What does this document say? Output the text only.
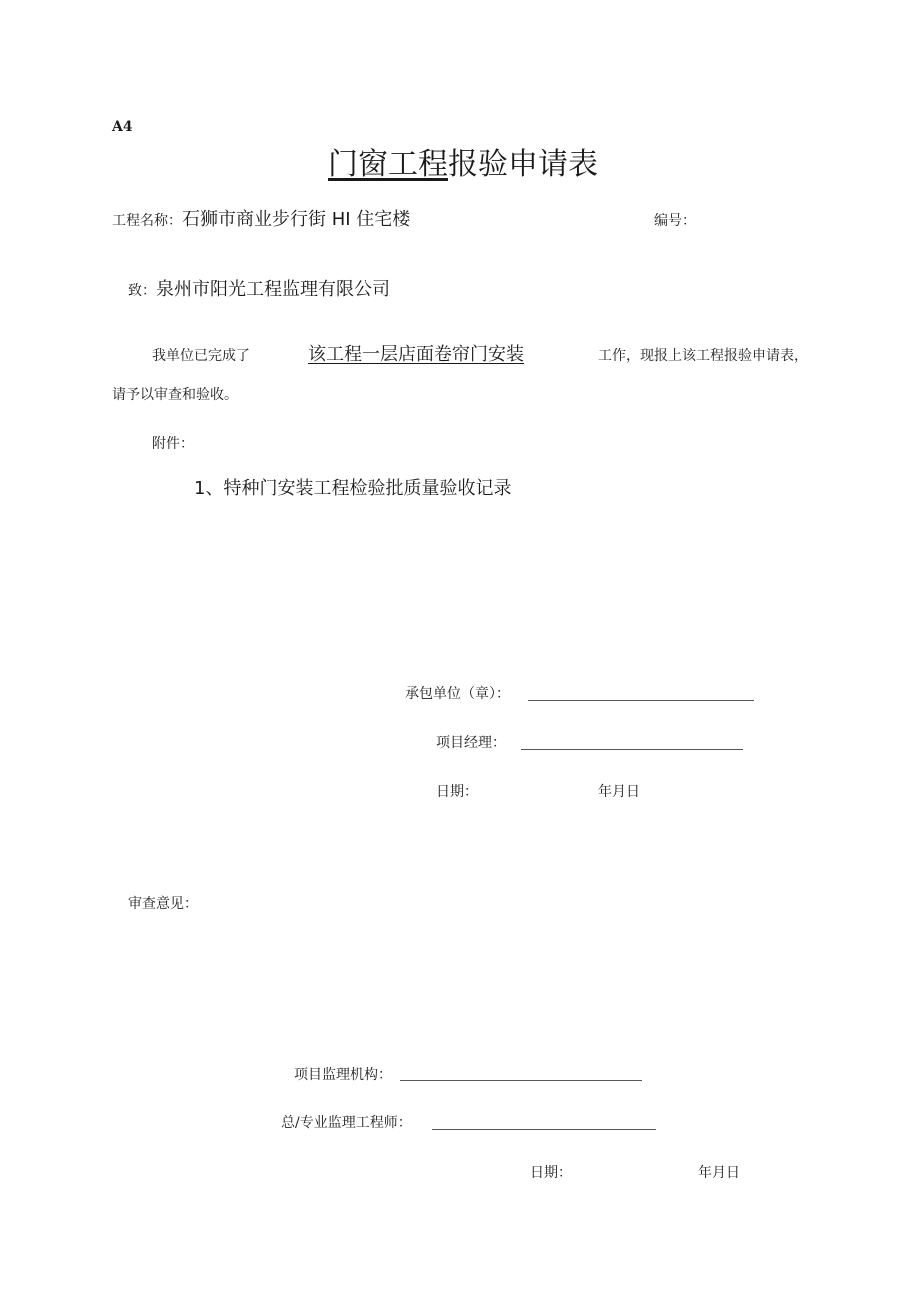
A4
门窗工程报验申请表
工程名称：石狮市商业步行街 HI 住宅楼	编号：
致：泉州市阳光工程监理有限公司
我单位已完成了	该工程一层店面卷帘门安装	工作，现报上该工程报验申请表，
请予以审查和验收。
附件：
1、特种门安装工程检验批质量验收记录
承包单位（章）：
项目经理：
日期：	年月日
审查意见：
项目监理机构：
总/专业监理工程师：
日期：	年月日
